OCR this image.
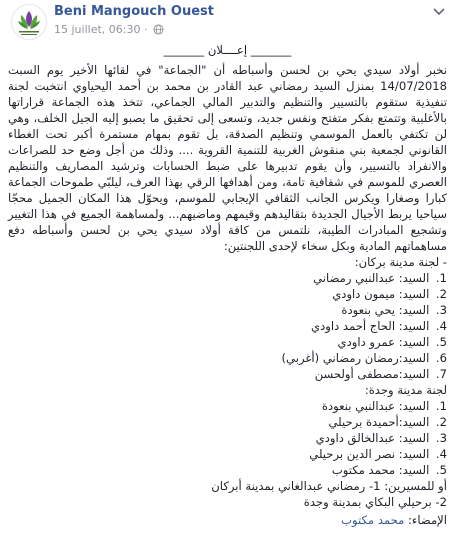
Beni Mangouch Ouest
15 juillet, 06:30 ·
_______ إعــــلان _______

نخبر أولاد سيدي يحي بن لحسن وأسباطه أن "الجماعة" في لقائها الأخير يوم السبت 14/07/2018 بمنزل السيد رمضاني عبد القادر بن محمد بن أحمد اليحياوي انتخبت لجنة تنفيذية ستقوم بالتسيير والتنظيم والتدبير المالي الجماعي، تتخذ هذه الجماعة قراراتها بالأغلبية وتتمتع بفكر متفتح ونفس جديد، وتسعى إلى تحقيق ما يصبو إليه الجيل الخلف، وهي لن تكتفي بالعمل الموسمي وتنظيم الصدقة، بل تقوم بمهام مستمرة أكبر تحت الغطاء القانوني لجمعية بني منقوش الغربية للتنمية القروية .... وذلك من أجل وضع حد للصراعات والانفراد بالتسيير، وأن يقوم تدبيرها على ضبط الحسابات وترشيد المصاريف والتنظيم العصري للموسم في شفافية تامة، ومن أهدافها الرقي بهذا العرف، ليلبّي طموحات الجماعة كبارا وصغارا ويكرس الجانب الثقافي الإيجابي للموسم، ويحوّل هذا المكان الجميل محجّا سياحيا يربط الأجيال الجديدة بتقاليدهم وقيمهم وماضيهم... ولمساهمة الجميع في هذا التغيير وتشجيع المبادرات الطيبة، نلتمس من كافة أولاد سيدي يحي بن لحسن وأسباطه دفع مساهماتهم المادية وبكل سخاء لإحدى اللجنتين:

- لجنة مدينة بركان:
1. السيد: عبدالنبي رمضاني
2. السيد: ميمون داودي
3. السيد: يحي بنعودة
4. السيد: الحاج أحمد داودي
5. السيد: عمرو داودي
6. السيد:رمضان رمضاني (أغربي)
7. السيد:مصطفى أولحسن
لجنة مدينة وجدة:
1. السيد: عبدالنبي بنعودة
2. السيد:أحميدة برحيلي
3. السيد: عبدالخالق داودي
4. السيد: نصر الدين برحيلي
5. السيد: محمد مكتوب
أو للمسيرين: 1- رمضاني عبدالغاني بمدينة أبركان
2- برحيلي البكاي بمدينة وجدة
الإمضاء: محمد مكتوب
